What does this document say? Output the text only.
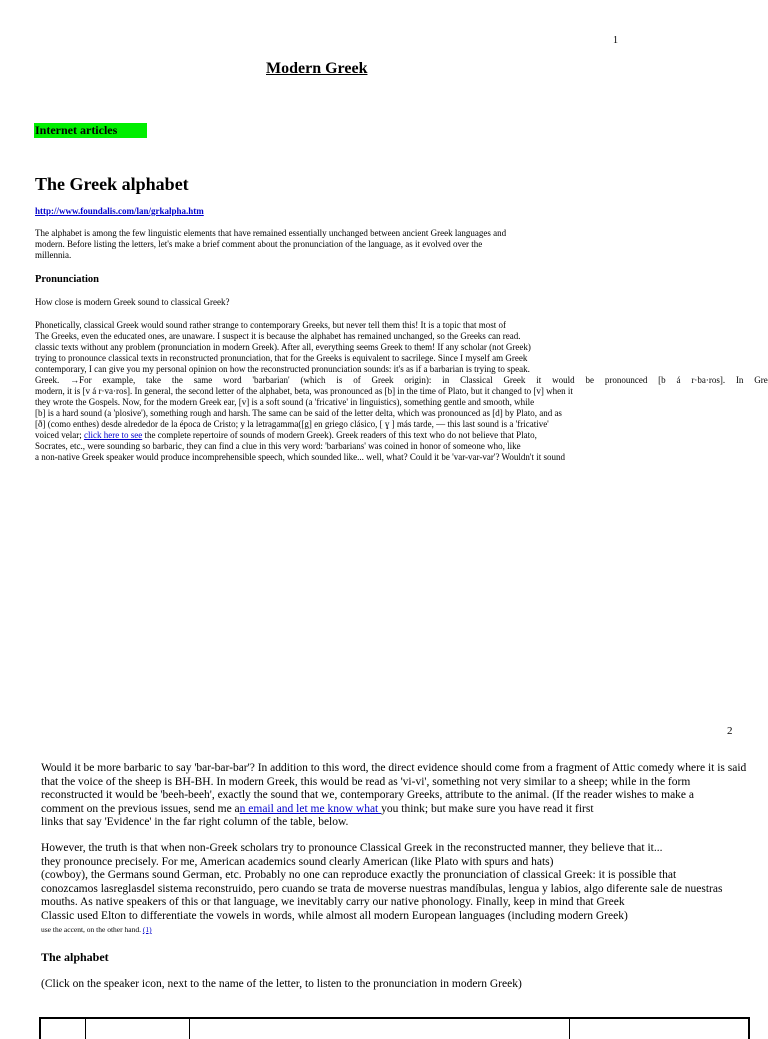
1
Modern Greek
Internet articles
The Greek alphabet
http://www.foundalis.com/lan/grkalpha.htm
The alphabet is among the few linguistic elements that have remained essentially unchanged between ancient Greek languages and
modern. Before listing the letters, let's make a brief comment about the pronunciation of the language, as it evolved over the
millennia.
Pronunciation
How close is modern Greek sound to classical Greek?
Phonetically, classical Greek would sound rather strange to contemporary Greeks, but never tell them this! It is a topic that most of
The Greeks, even the educated ones, are unaware. I suspect it is because the alphabet has remained unchanged, so the Greeks can read.
classic texts without any problem (pronunciation in modern Greek). After all, everything seems Greek to them! If any scholar (not Greek)
trying to pronounce classical texts in reconstructed pronunciation, that for the Greeks is equivalent to sacrilege. Since I myself am Greek
contemporary, I can give you my personal opinion on how the reconstructed pronunciation sounds: it's as if a barbarian is trying to speak.
Greek. →For example, take the same word 'barbarian' (which is of Greek origin): in Classical Greek it would be pronounced [b á r·ba·ros]. In Gre
modern, it is [v á r·va·ros]. In general, the second letter of the alphabet, beta, was pronounced as [b] in the time of Plato, but it changed to [v] when it
they wrote the Gospels. Now, for the modern Greek ear, [v] is a soft sound (a 'fricative' in linguistics), something gentle and smooth, while
[b] is a hard sound (a 'plosive'), something rough and harsh. The same can be said of the letter delta, which was pronounced as [d] by Plato, and as
[ð] (como enthes) desde alrededor de la época de Cristo; y la letragamma([g] en griego clásico, [ ɣ ] más tarde, — this last sound is a 'fricative'
voiced velar; click here to see the complete repertoire of sounds of modern Greek). Greek readers of this text who do not believe that Plato,
Socrates, etc., were sounding so barbaric, they can find a clue in this very word: 'barbarians' was coined in honor of someone who, like
a non-native Greek speaker would produce incomprehensible speech, which sounded like... well, what? Could it be 'var-var-var'? Wouldn't it sound
2
Would it be more barbaric to say 'bar-bar-bar'? In addition to this word, the direct evidence should come from a fragment of Attic comedy where it is said
that the voice of the sheep is BH-BH. In modern Greek, this would be read as 'vi-vi', something not very similar to a sheep; while in the form
reconstructed it would be 'beeh-beeh', exactly the sound that we, contemporary Greeks, attribute to the animal. (If the reader wishes to make a
comment on the previous issues, send me an email and let me know what you think; but make sure you have read it first
links that say 'Evidence' in the far right column of the table, below.
However, the truth is that when non-Greek scholars try to pronounce Classical Greek in the reconstructed manner, they believe that it...
they pronounce precisely. For me, American academics sound clearly American (like Plato with spurs and hats)
(cowboy), the Germans sound German, etc. Probably no one can reproduce exactly the pronunciation of classical Greek: it is possible that
conozcamos lasreglasdel sistema reconstruido, pero cuando se trata de moverse nuestras mandíbulas, lengua y labios, algo diferente sale de nuestras
mouths. As native speakers of this or that language, we inevitably carry our native phonology. Finally, keep in mind that Greek
Classic used Elton to differentiate the vowels in words, while almost all modern European languages (including modern Greek)
use the accent, on the other hand. (1)
The alphabet
(Click on the speaker icon, next to the name of the letter, to listen to the pronunciation in modern Greek)
